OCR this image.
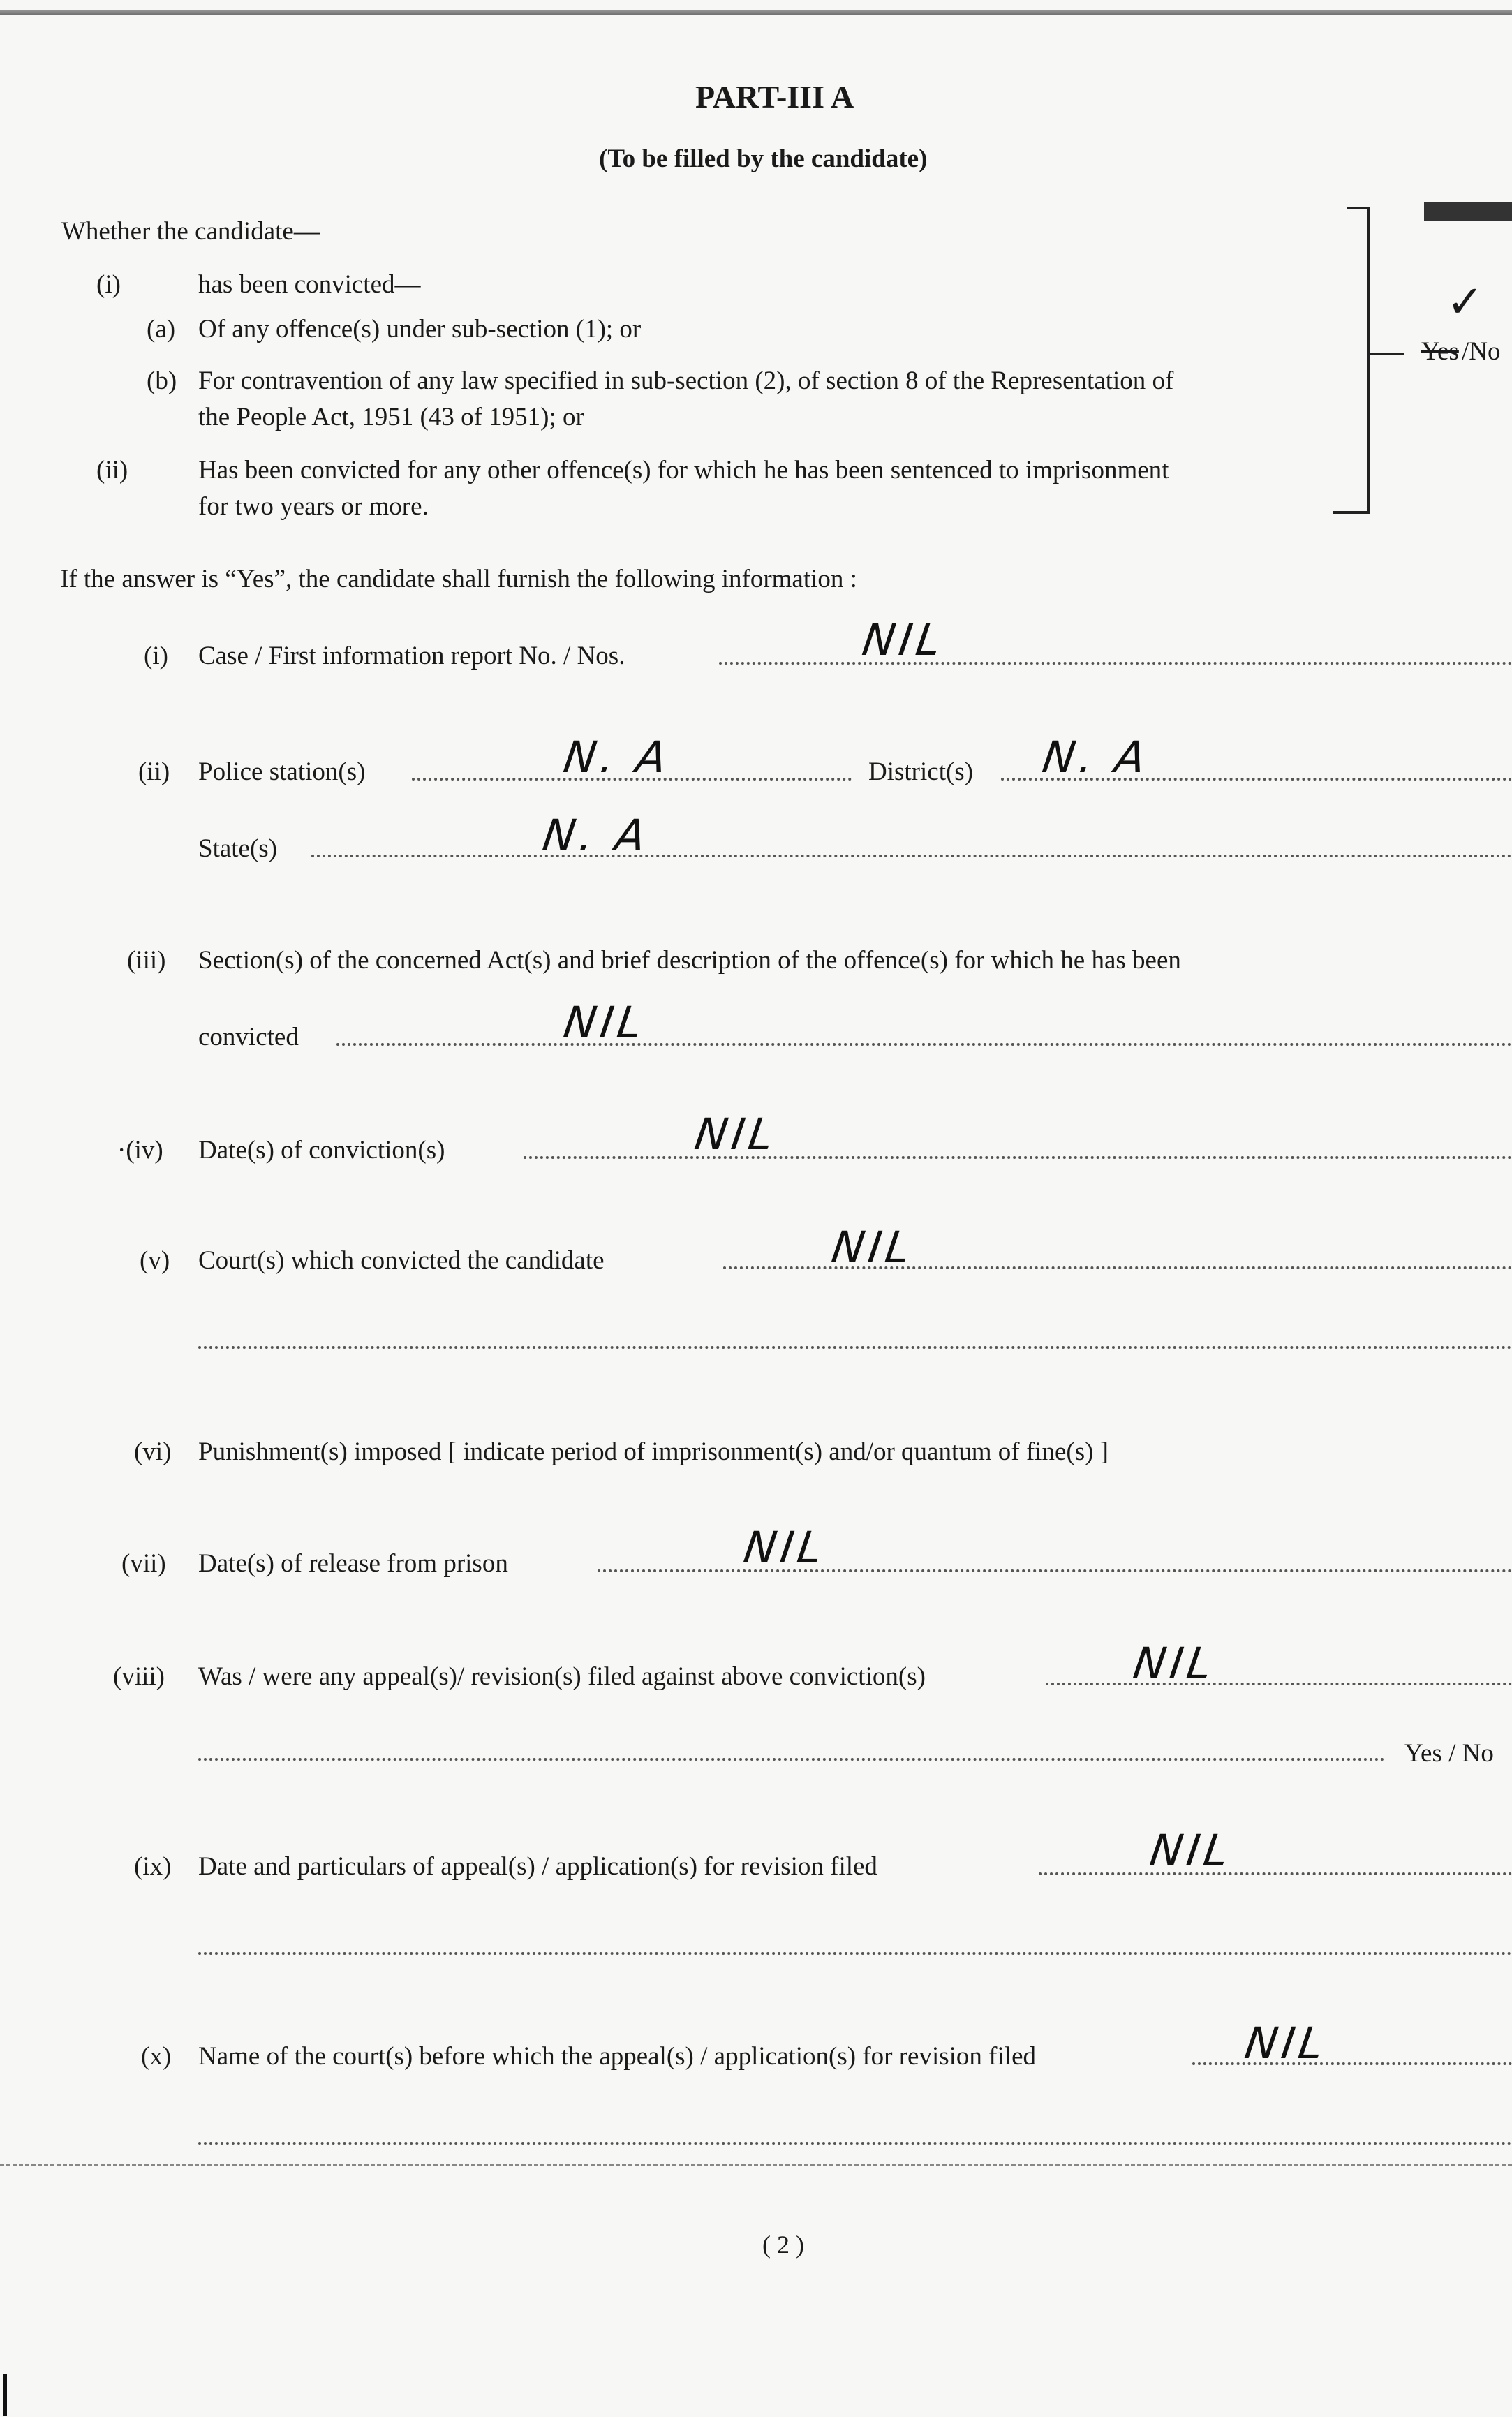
PART-III A
(To be filled by the candidate)
Whether the candidate—
(i)	has been convicted—
(a) Of any offence(s) under sub-section (1); or
(b) For contravention of any law specified in sub-section (2), of section 8 of the Representation of
the People Act, 1951 (43 of 1951); or
(ii)	Has been convicted for any other offence(s) for which he has been sentenced to imprisonment
for two years or more.
✓
Yes /No
If the answer is “Yes”, the candidate shall furnish the following information :
(i) Case / First information report No. / Nos.	NIL
(ii) Police station(s)	N. A	District(s) N. A
State(s)	N. A
(iii) Section(s) of the concerned Act(s) and brief description of the offence(s) for which he has been
convicted	NIL
·(iv) Date(s) of conviction(s)	NIL
(v) Court(s) which convicted the candidate	NIL
(vi) Punishment(s) imposed [ indicate period of imprisonment(s) and/or quantum of fine(s) ]
(vii) Date(s) of release from prison	NIL
(viii) Was / were any appeal(s)/ revision(s) filed against above conviction(s)	NIL
Yes / No
(ix) Date and particulars of appeal(s) / application(s) for revision filed	NIL
(x) Name of the court(s) before which the appeal(s) / application(s) for revision filed	NIL
( 2 )
